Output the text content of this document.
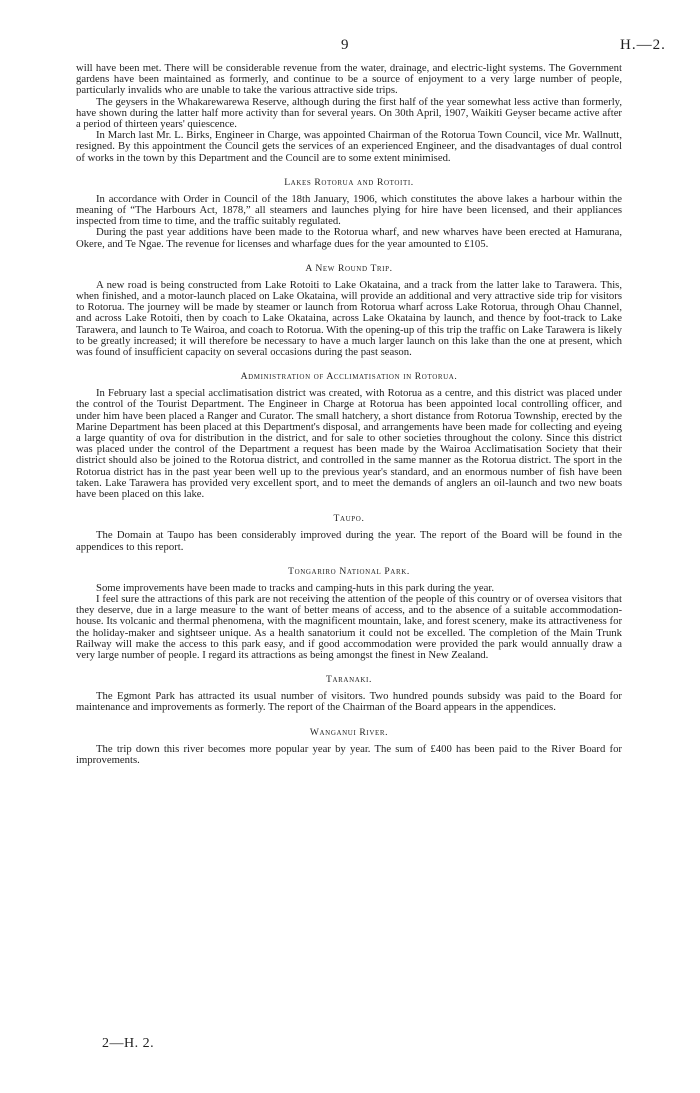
9	H.—2.

will have been met. There will be considerable revenue from the water, drainage, and electric-light systems. The Government gardens have been maintained as formerly, and continue to be a source of enjoyment to a very large number of people, particularly invalids who are unable to take the various attractive side trips.

The geysers in the Whakarewarewa Reserve, although during the first half of the year somewhat less active than formerly, have shown during the latter half more activity than for several years. On 30th April, 1907, Waikiti Geyser became active after a period of thirteen years' quiescence.

In March last Mr. L. Birks, Engineer in Charge, was appointed Chairman of the Rotorua Town Council, vice Mr. Wallnutt, resigned. By this appointment the Council gets the services of an experienced Engineer, and the disadvantages of dual control of works in the town by this Department and the Council are to some extent minimised.

Lakes Rotorua and Rotoiti.

In accordance with Order in Council of the 18th January, 1906, which constitutes the above lakes a harbour within the meaning of “The Harbours Act, 1878,” all steamers and launches plying for hire have been licensed, and their appliances inspected from time to time, and the traffic suitably regulated.

During the past year additions have been made to the Rotorua wharf, and new wharves have been erected at Hamurana, Okere, and Te Ngae. The revenue for licenses and wharfage dues for the year amounted to £105.

A New Round Trip.

A new road is being constructed from Lake Rotoiti to Lake Okataina, and a track from the latter lake to Tarawera. This, when finished, and a motor-launch placed on Lake Okataina, will provide an additional and very attractive side trip for visitors to Rotorua. The journey will be made by steamer or launch from Rotorua wharf across Lake Rotorua, through Ohau Channel, and across Lake Rotoiti, then by coach to Lake Okataina, across Lake Okataina by launch, and thence by foot-track to Lake Tarawera, and launch to Te Wairoa, and coach to Rotorua. With the opening-up of this trip the traffic on Lake Tarawera is likely to be greatly increased; it will therefore be necessary to have a much larger launch on this lake than the one at present, which was found of insufficient capacity on several occasions during the past season.

Administration of Acclimatisation in Rotorua.

In February last a special acclimatisation district was created, with Rotorua as a centre, and this district was placed under the control of the Tourist Department. The Engineer in Charge at Rotorua has been appointed local controlling officer, and under him have been placed a Ranger and Curator. The small hatchery, a short distance from Rotorua Township, erected by the Marine Department has been placed at this Department's disposal, and arrangements have been made for collecting and eyeing a large quantity of ova for distribution in the district, and for sale to other societies throughout the colony. Since this district was placed under the control of the Department a request has been made by the Wairoa Acclimatisation Society that their district should also be joined to the Rotorua district, and controlled in the same manner as the Rotorua district. The sport in the Rotorua district has in the past year been well up to the previous year's standard, and an enormous number of fish have been taken. Lake Tarawera has provided very excellent sport, and to meet the demands of anglers an oil-launch and two new boats have been placed on this lake.

Taupo.

The Domain at Taupo has been considerably improved during the year. The report of the Board will be found in the appendices to this report.

Tongariro National Park.

Some improvements have been made to tracks and camping-huts in this park during the year.

I feel sure the attractions of this park are not receiving the attention of the people of this country or of oversea visitors that they deserve, due in a large measure to the want of better means of access, and to the absence of a suitable accommodation-house. Its volcanic and thermal phenomena, with the magnificent mountain, lake, and forest scenery, make its attractiveness for the holiday-maker and sightseer unique. As a health sanatorium it could not be excelled. The completion of the Main Trunk Railway will make the access to this park easy, and if good accommodation were provided the park would annually draw a very large number of people. I regard its attractions as being amongst the finest in New Zealand.

Taranaki.

The Egmont Park has attracted its usual number of visitors. Two hundred pounds subsidy was paid to the Board for maintenance and improvements as formerly. The report of the Chairman of the Board appears in the appendices.

Wanganui River.

The trip down this river becomes more popular year by year. The sum of £400 has been paid to the River Board for improvements.

2—H. 2.
